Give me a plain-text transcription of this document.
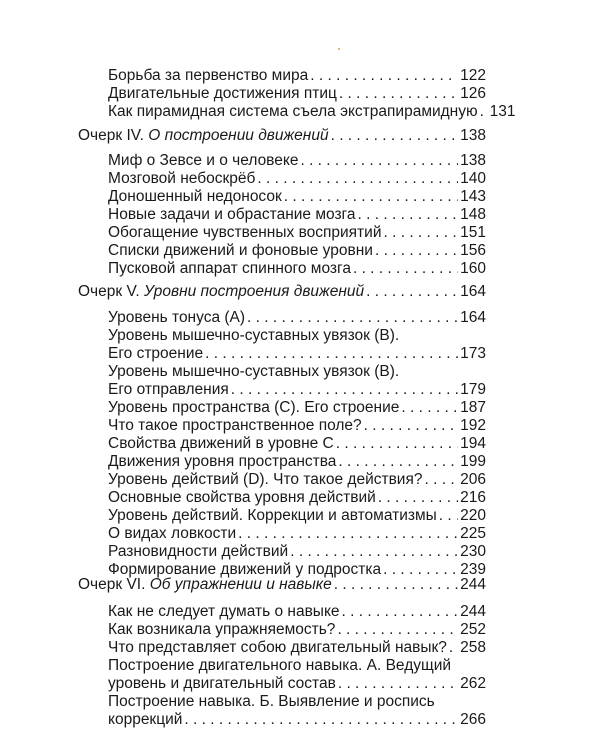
Борьба за первенство мира . . .	122
Двигательные достижения птиц . . .	126
Как пирамидная система съела экстрапирамидную . . . 131
Очерк IV. О построении движений . . .	138
Миф о Зевсе и о человеке . . .	138
Мозговой небоскрёб . . .	140
Доношенный недоносок . . .	143
Новые задачи и обрастание мозга . . .	148
Обогащение чувственных восприятий . . .	151
Списки движений и фоновые уровни . . .	156
Пусковой аппарат спинного мозга . . .	160
Очерк V. Уровни построения движений . . .	164
Уровень тонуса (A) . . .	164
Уровень мышечно-суставных увязок (В).
Его строение . . .	173
Уровень мышечно-суставных увязок (В).
Его отправления . . .	179
Уровень пространства (С). Его строение . . .	187
Что такое пространственное поле? . . .	192
Свойства движений в уровне С . . .	194
Движения уровня пространства . . .	199
Уровень действий (D). Что такое действия? . . . 206
Основные свойства уровня действий . . .	216
Уровень действий. Коррекции и автоматизмы . . . 220
О видах ловкости . . .	225
Разновидности действий . . .	230
Формирование движений у подростка . . .	239
Очерк VI. Об упражнении и навыке . . .	244
Как не следует думать о навыке . . .	244
Как возникала упражняемость? . . .	252
Что представляет собою двигательный навык? . . . 258
Построение двигательного навыка. А. Ведущий
уровень и двигательный состав . . .	262
Построение навыка. Б. Выявление и роспись
коррекций . . .	266
